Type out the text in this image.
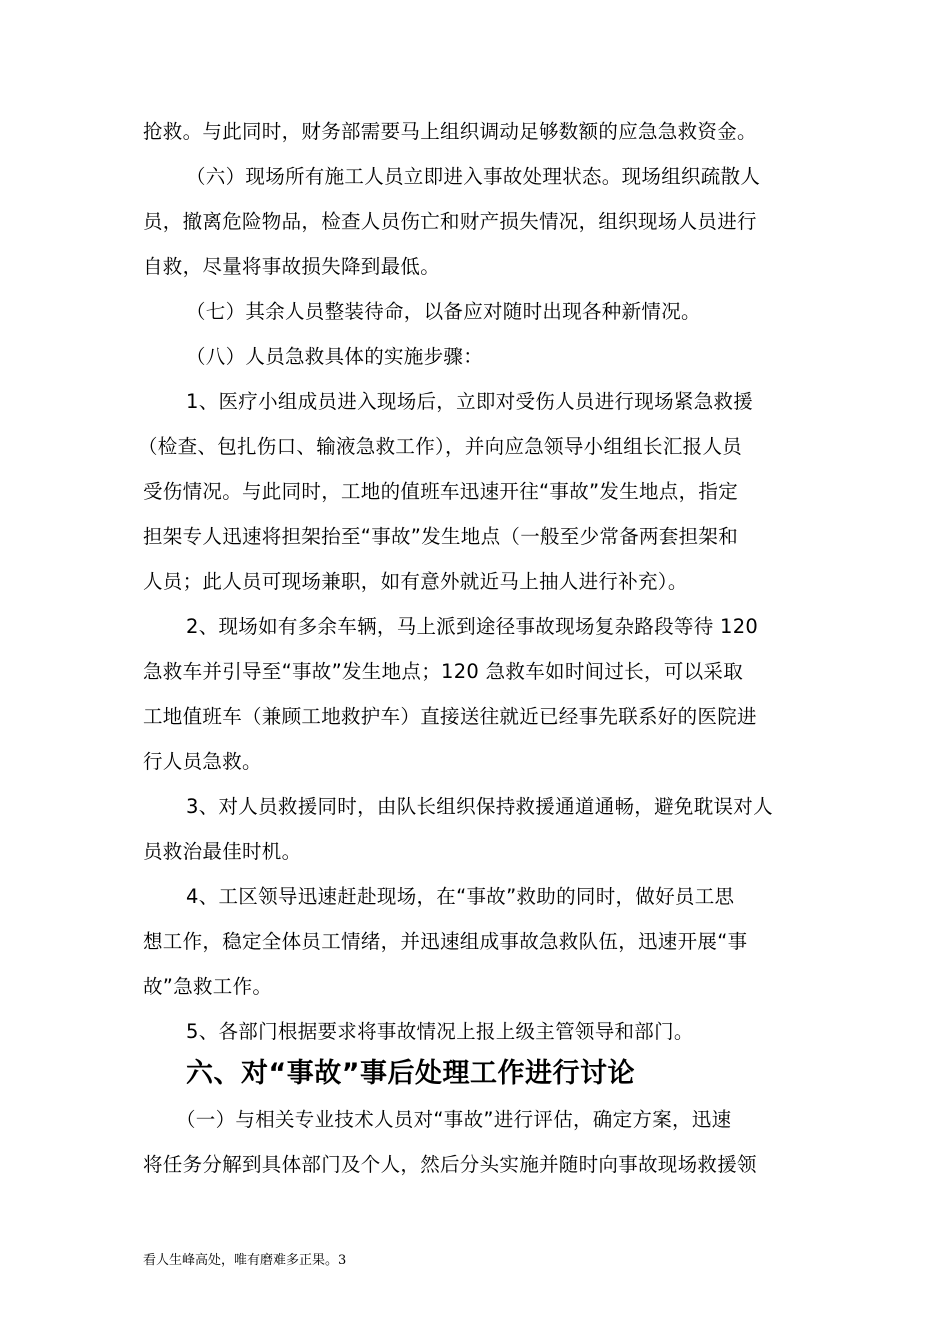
抢救。与此同时，财务部需要马上组织调动足够数额的应急急救资金。
（六）现场所有施工人员立即进入事故处理状态。现场组织疏散人
员，撤离危险物品，检查人员伤亡和财产损失情况，组织现场人员进行
自救，尽量将事故损失降到最低。
（七）其余人员整装待命，以备应对随时出现各种新情况。
（八）人员急救具体的实施步骤：
1、医疗小组成员进入现场后，立即对受伤人员进行现场紧急救援
（检查、包扎伤口、输液急救工作），并向应急领导小组组长汇报人员
受伤情况。与此同时，工地的值班车迅速开往“事故”发生地点，指定
担架专人迅速将担架抬至“事故”发生地点（一般至少常备两套担架和
人员；此人员可现场兼职，如有意外就近马上抽人进行补充）。
2、现场如有多余车辆，马上派到途径事故现场复杂路段等待 120
急救车并引导至“事故”发生地点；120 急救车如时间过长，可以采取
工地值班车（兼顾工地救护车）直接送往就近已经事先联系好的医院进
行人员急救。
3、对人员救援同时，由队长组织保持救援通道通畅，避免耽误对人
员救治最佳时机。
4、工区领导迅速赶赴现场，在“事故”救助的同时，做好员工思
想工作，稳定全体员工情绪，并迅速组成事故急救队伍，迅速开展“事
故”急救工作。
5、各部门根据要求将事故情况上报上级主管领导和部门。
六、对“事故”事后处理工作进行讨论
（一）与相关专业技术人员对“事故”进行评估，确定方案，迅速
将任务分解到具体部门及个人，然后分头实施并随时向事故现场救援领
看人生峰高处，唯有磨难多正果。3
